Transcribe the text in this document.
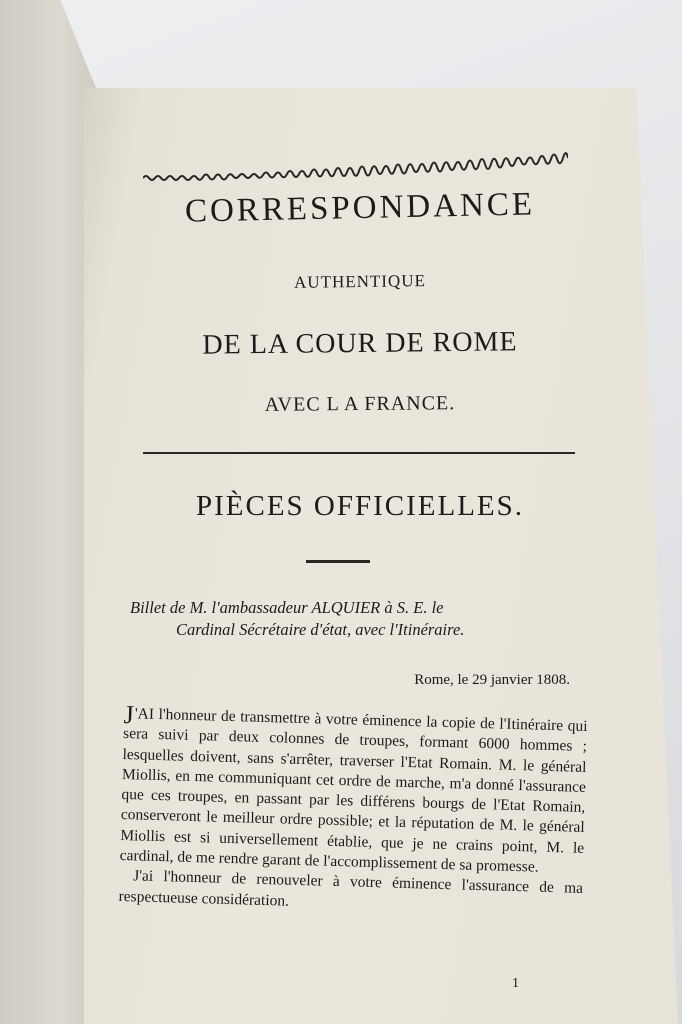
CORRESPONDANCE
AUTHENTIQUE
DE LA COUR DE ROME
AVEC L A FRANCE.
PIÈCES OFFICIELLES.
Billet de M. l'ambassadeur ALQUIER à S. E. le
Cardinal Sécrétaire d'état, avec l'Itinéraire.
Rome, le 29 janvier 1808.

J 'AI l'honneur de transmettre à votre éminence la copie de l'Itinéraire qui sera suivi par deux colonnes de troupes, formant 6000 hommes ; lesquelles doivent, sans s'arrêter, traverser l'Etat Romain. M. le général Miollis, en me communiquant cet ordre de marche, m'a donné l'assurance que ces troupes, en passant par les différens bourgs de l'Etat Romain, conserveront le meilleur ordre possible; et la réputation de M. le général Miollis est si universellement établie, que je ne crains point, M. le cardinal, de me rendre garant de l'accomplissement de sa promesse.

J'ai l'honneur de renouveler à votre éminence l'assurance de ma respectueuse considération.

1
